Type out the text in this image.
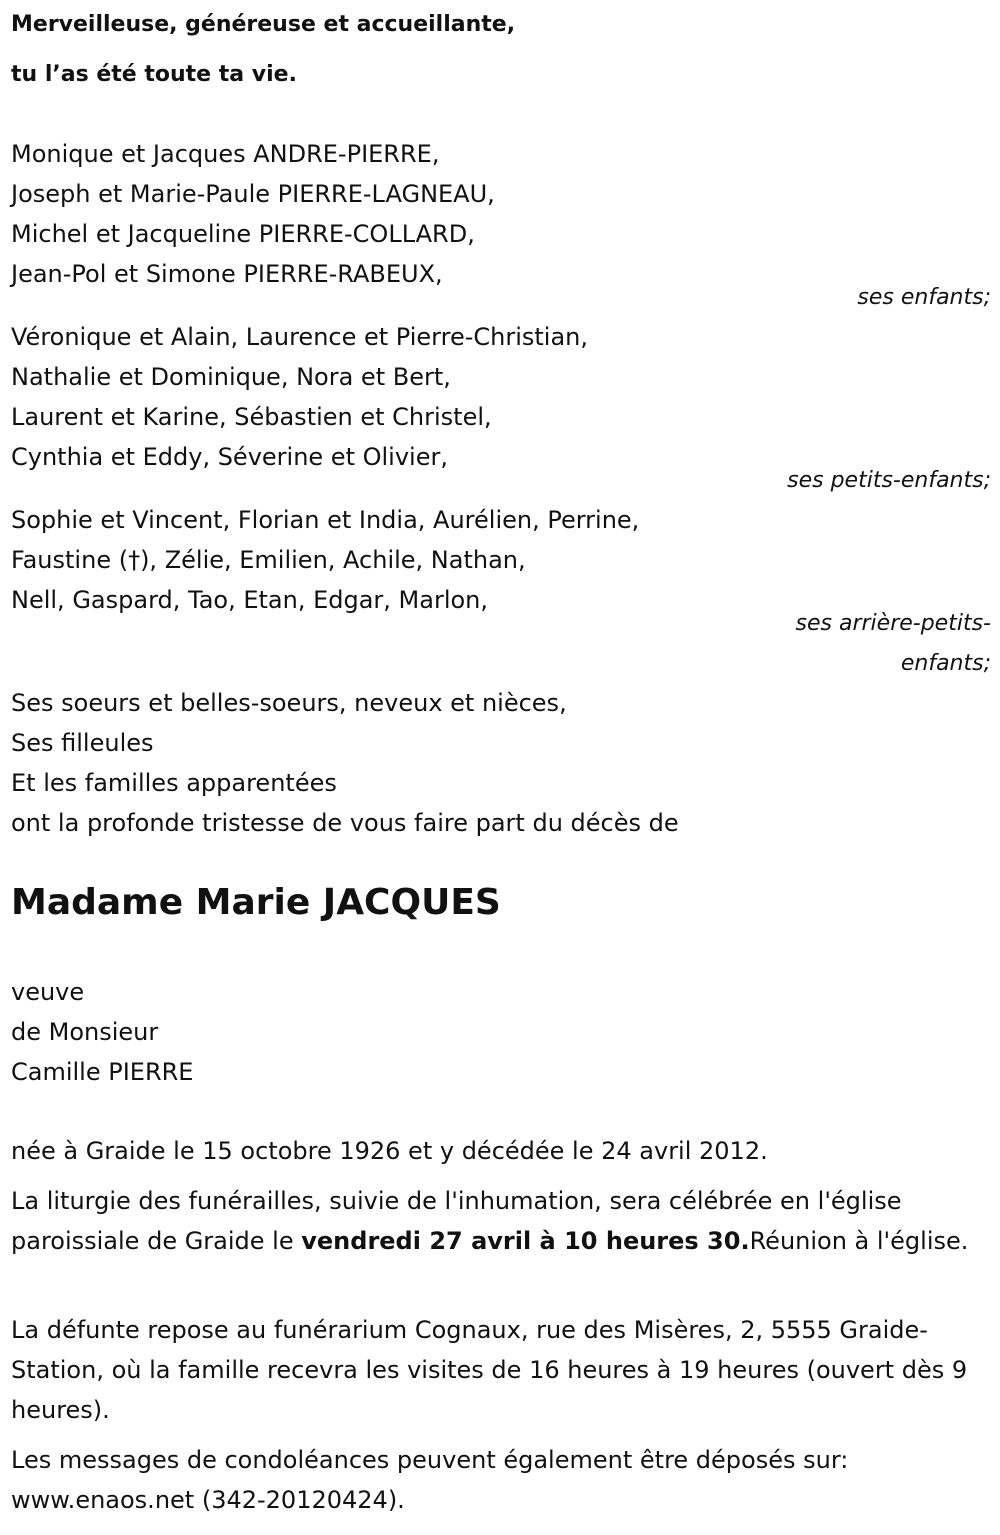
Merveilleuse, généreuse et accueillante,
tu l’as été toute ta vie.
Monique et Jacques ANDRE-PIERRE,
Joseph et Marie-Paule PIERRE-LAGNEAU,
Michel et Jacqueline PIERRE-COLLARD,
Jean-Pol et Simone PIERRE-RABEUX,
ses enfants;
Véronique et Alain, Laurence et Pierre-Christian,
Nathalie et Dominique, Nora et Bert,
Laurent et Karine, Sébastien et Christel,
Cynthia et Eddy, Séverine et Olivier,
ses petits-enfants;
Sophie et Vincent, Florian et India, Aurélien, Perrine,
Faustine (†), Zélie, Emilien, Achile, Nathan,
Nell, Gaspard, Tao, Etan, Edgar, Marlon,
ses arrière-petits-
enfants;
Ses soeurs et belles-soeurs, neveux et nièces,
Ses filleules
Et les familles apparentées
ont la profonde tristesse de vous faire part du décès de
Madame Marie JACQUES
veuve
de Monsieur
Camille PIERRE
née à Graide le 15 octobre 1926 et y décédée le 24 avril 2012.

La liturgie des funérailles, suivie de l'inhumation, sera célébrée en l'église paroissiale de Graide le vendredi 27 avril à 10 heures 30.Réunion à l'église.

La défunte repose au funérarium Cognaux, rue des Misères, 2, 5555 Graide-Station, où la famille recevra les visites de 16 heures à 19 heures (ouvert dès 9 heures).

Les messages de condoléances peuvent également être déposés sur: www.enaos.net (342-20120424).
